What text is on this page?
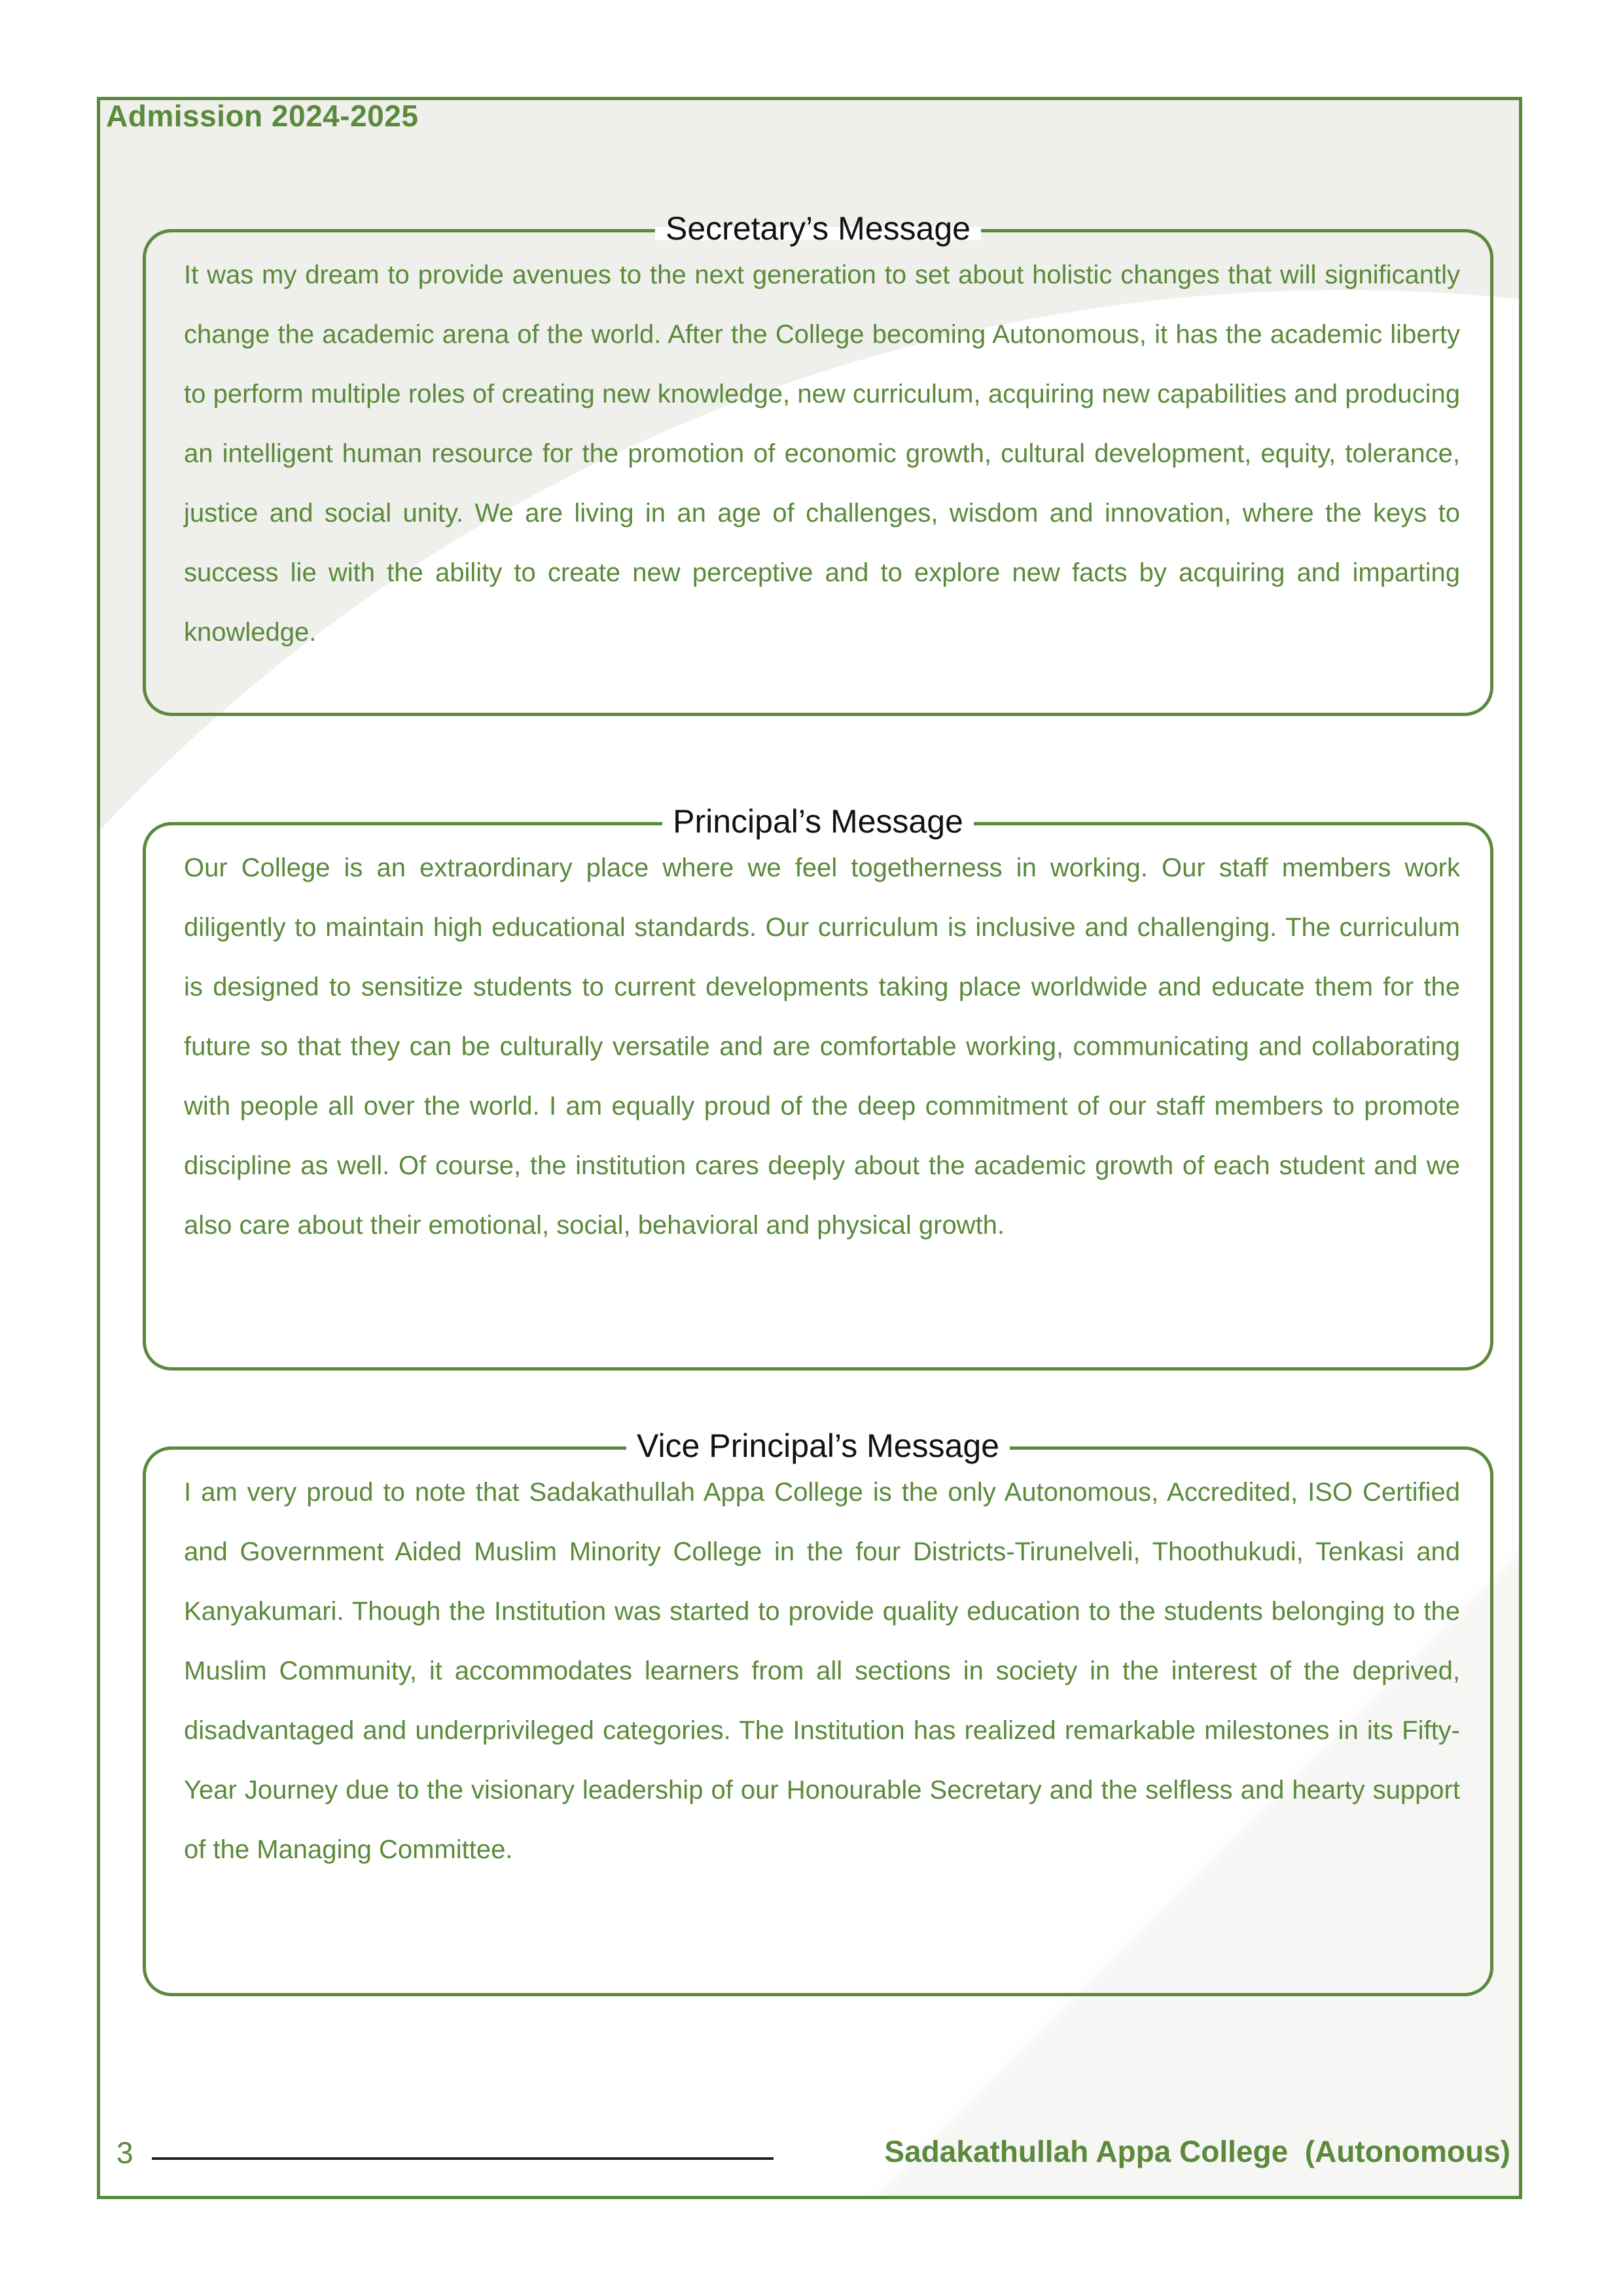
Admission 2024-2025
Secretary’s Message
It was my dream to provide avenues to the next generation to set about holistic changes that will significantly change the academic arena of the world. After the College becoming Autonomous, it has the academic liberty to perform multiple roles of creating new knowledge, new curriculum, acquiring new capabilities and producing an intelligent human resource for the promotion of economic growth, cultural development, equity, tolerance, justice and social unity. We are living in an age of challenges, wisdom and innovation, where the keys to success lie with the ability to create new perceptive and to explore new facts by acquiring and imparting knowledge.
Principal’s Message
Our College is an extraordinary place where we feel togetherness in working. Our staff members work diligently to maintain high educational standards. Our curriculum is inclusive and challenging. The curriculum is designed to sensitize students to current developments taking place worldwide and educate them for the future so that they can be culturally versatile and are comfortable working, communicating and collaborating with people all over the world. I am equally proud of the deep commitment of our staff members to promote discipline as well. Of course, the institution cares deeply about the academic growth of each student and we also care about their emotional, social, behavioral and physical growth.
Vice Principal’s Message
I am very proud to note that Sadakathullah Appa College is the only Autonomous, Accredited, ISO Certified and Government Aided Muslim Minority College in the four Districts-Tirunelveli, Thoothukudi, Tenkasi and Kanyakumari. Though the Institution was started to provide quality education to the students belonging to the Muslim Community, it accommodates learners from all sections in society in the interest of the deprived, disadvantaged and underprivileged categories. The Institution has realized remarkable milestones in its Fifty-Year Journey due to the visionary leadership of our Honourable Secretary and the selfless and hearty support of the Managing Committee.
3	Sadakathullah Appa College  (Autonomous)
